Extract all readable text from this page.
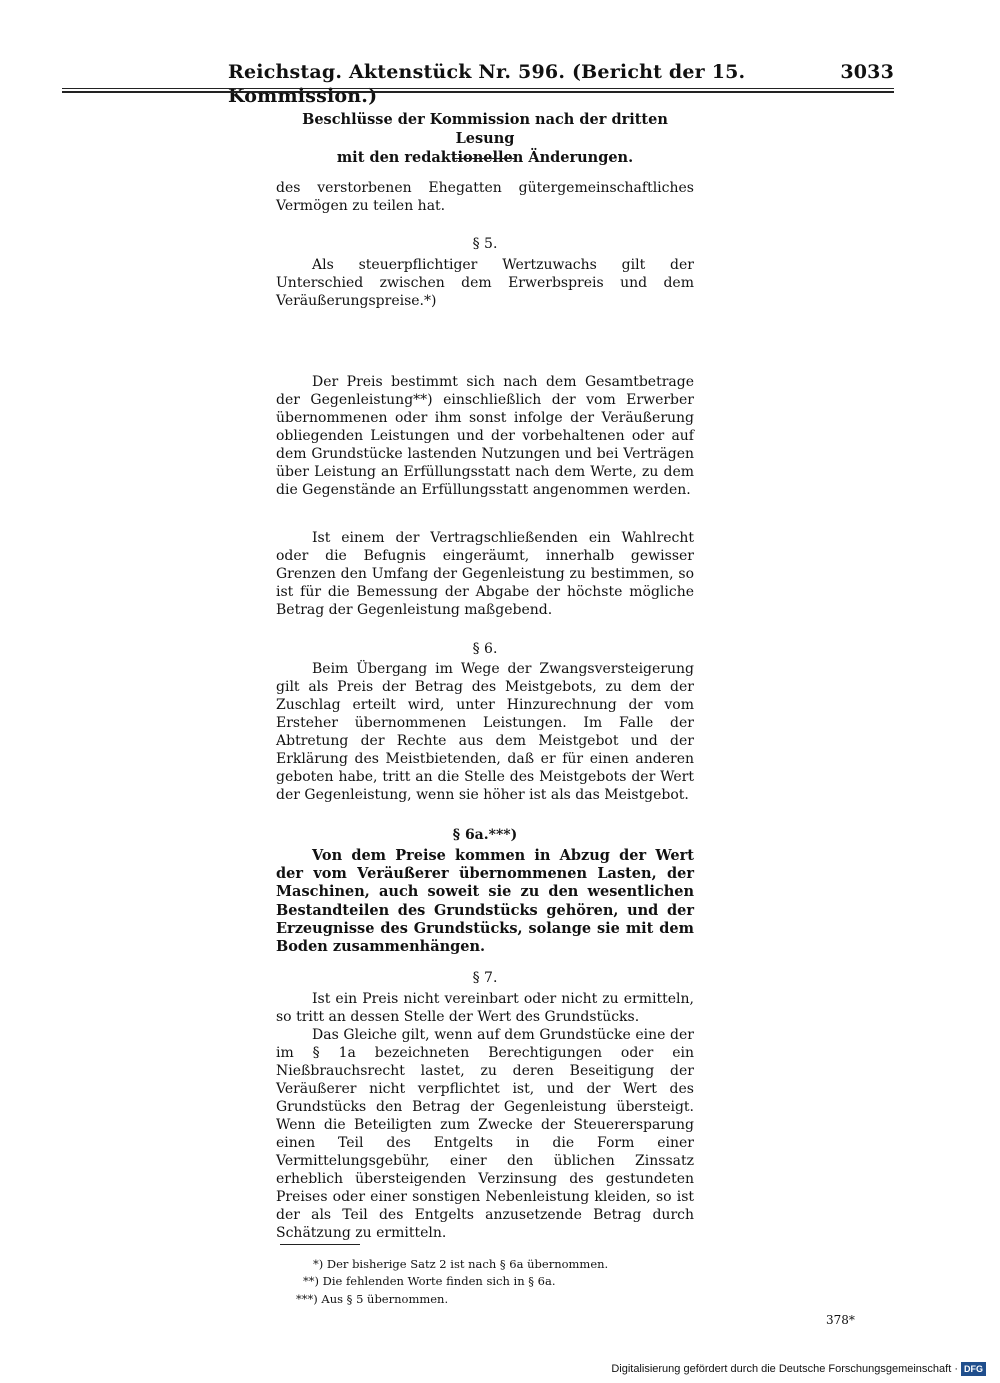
Reichstag. Aktenstück Nr. 596. (Bericht der 15. Kommission.)
3033
Beschlüsse der Kommission nach der dritten Lesung
mit den redaktionellen Änderungen.

des verstorbenen Ehegatten gütergemeinschaftliches Vermögen zu teilen hat.

§ 5.

Als steuerpflichtiger Wertzuwachs gilt der Unterschied zwischen dem Erwerbspreis und dem Veräußerungspreise.*)

Der Preis bestimmt sich nach dem Gesamtbetrage der Gegenleistung**) einschließlich der vom Erwerber übernommenen oder ihm sonst infolge der Veräußerung obliegenden Leistungen und der vorbehaltenen oder auf dem Grundstücke lastenden Nutzungen und bei Verträgen über Leistung an Erfüllungsstatt nach dem Werte, zu dem die Gegenstände an Erfüllungsstatt angenommen werden.

Ist einem der Vertragschließenden ein Wahlrecht oder die Befugnis eingeräumt, innerhalb gewisser Grenzen den Umfang der Gegenleistung zu bestimmen, so ist für die Bemessung der Abgabe der höchste mögliche Betrag der Gegenleistung maßgebend.

§ 6.

Beim Übergang im Wege der Zwangsversteigerung gilt als Preis der Betrag des Meistgebots, zu dem der Zuschlag erteilt wird, unter Hinzurechnung der vom Ersteher übernommenen Leistungen. Im Falle der Abtretung der Rechte aus dem Meistgebot und der Erklärung des Meistbietenden, daß er für einen anderen geboten habe, tritt an die Stelle des Meistgebots der Wert der Gegenleistung, wenn sie höher ist als das Meistgebot.

§ 6a.***)

Von dem Preise kommen in Abzug der Wert der vom Veräußerer übernommenen Lasten, der Maschinen, auch soweit sie zu den wesentlichen Bestandteilen des Grundstücks gehören, und der Erzeugnisse des Grundstücks, solange sie mit dem Boden zusammenhängen.

§ 7.

Ist ein Preis nicht vereinbart oder nicht zu ermitteln, so tritt an dessen Stelle der Wert des Grundstücks.

Das Gleiche gilt, wenn auf dem Grundstücke eine der im § 1a bezeichneten Berechtigungen oder ein Nießbrauchsrecht lastet, zu deren Beseitigung der Veräußerer nicht verpflichtet ist, und der Wert des Grundstücks den Betrag der Gegenleistung übersteigt. Wenn die Beteiligten zum Zwecke der Steuerersparung einen Teil des Entgelts in die Form einer Vermittelungsgebühr, einer den üblichen Zinssatz erheblich übersteigenden Verzinsung des gestundeten Preises oder einer sonstigen Nebenleistung kleiden, so ist der als Teil des Entgelts anzusetzende Betrag durch Schätzung zu ermitteln.

*) Der bisherige Satz 2 ist nach § 6a übernommen.
**) Die fehlenden Worte finden sich in § 6a.
***) Aus § 5 übernommen.
378*
Digitalisierung gefördert durch die Deutsche Forschungsgemeinschaft · DFG
